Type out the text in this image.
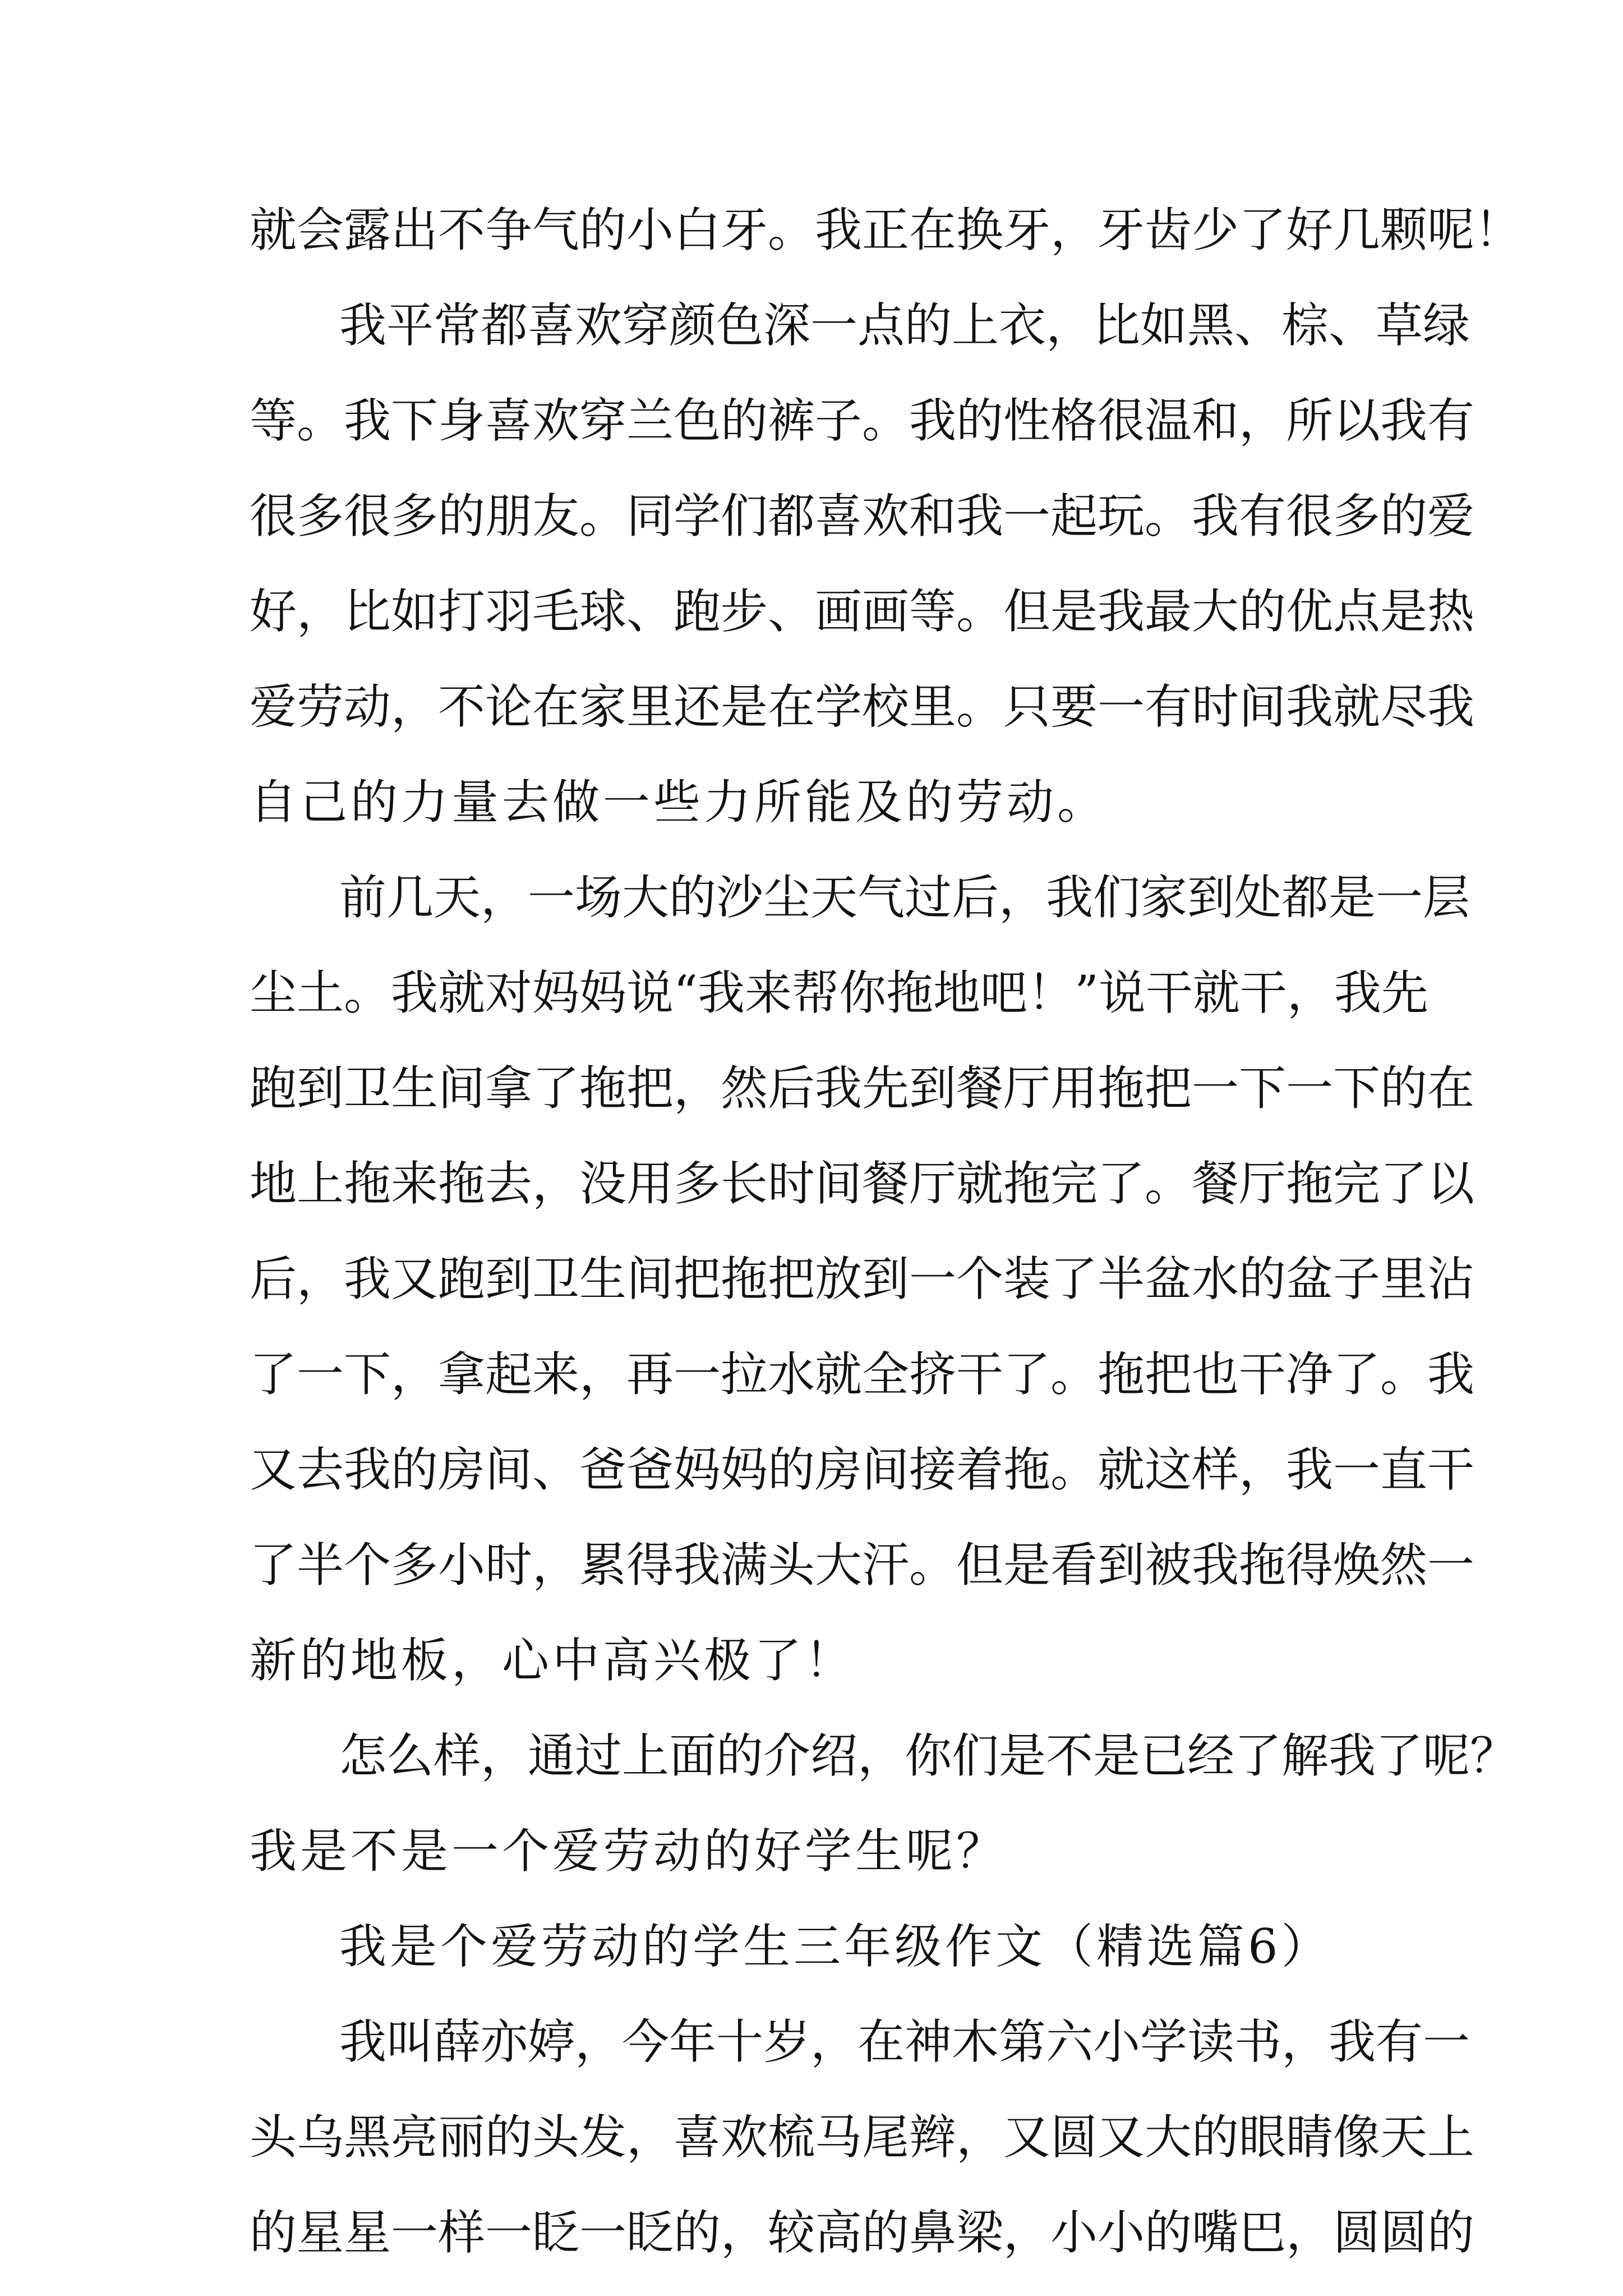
就会露出不争气的小白牙。我正在换牙，牙齿少了好几颗呢！
我平常都喜欢穿颜色深一点的上衣，比如黑、棕、草绿
等。我下身喜欢穿兰色的裤子。我的性格很温和，所以我有
很多很多的朋友。同学们都喜欢和我一起玩。我有很多的爱
好，比如打羽毛球、跑步、画画等。但是我最大的优点是热
爱劳动，不论在家里还是在学校里。只要一有时间我就尽我
自己的力量去做一些力所能及的劳动。
前几天，一场大的沙尘天气过后，我们家到处都是一层
尘土。我就对妈妈说“我来帮你拖地吧！”说干就干，我先
跑到卫生间拿了拖把，然后我先到餐厅用拖把一下一下的在
地上拖来拖去，没用多长时间餐厅就拖完了。餐厅拖完了以
后，我又跑到卫生间把拖把放到一个装了半盆水的盆子里沾
了一下，拿起来，再一拉水就全挤干了。拖把也干净了。我
又去我的房间、爸爸妈妈的房间接着拖。就这样，我一直干
了半个多小时，累得我满头大汗。但是看到被我拖得焕然一
新的地板，心中高兴极了！
怎么样，通过上面的介绍，你们是不是已经了解我了呢？
我是不是一个爱劳动的好学生呢？
我是个爱劳动的学生三年级作文（精选篇6）
我叫薛亦婷，今年十岁，在神木第六小学读书，我有一
头乌黑亮丽的头发，喜欢梳马尾辫，又圆又大的眼睛像天上
的星星一样一眨一眨的，较高的鼻梁，小小的嘴巴，圆圆的
